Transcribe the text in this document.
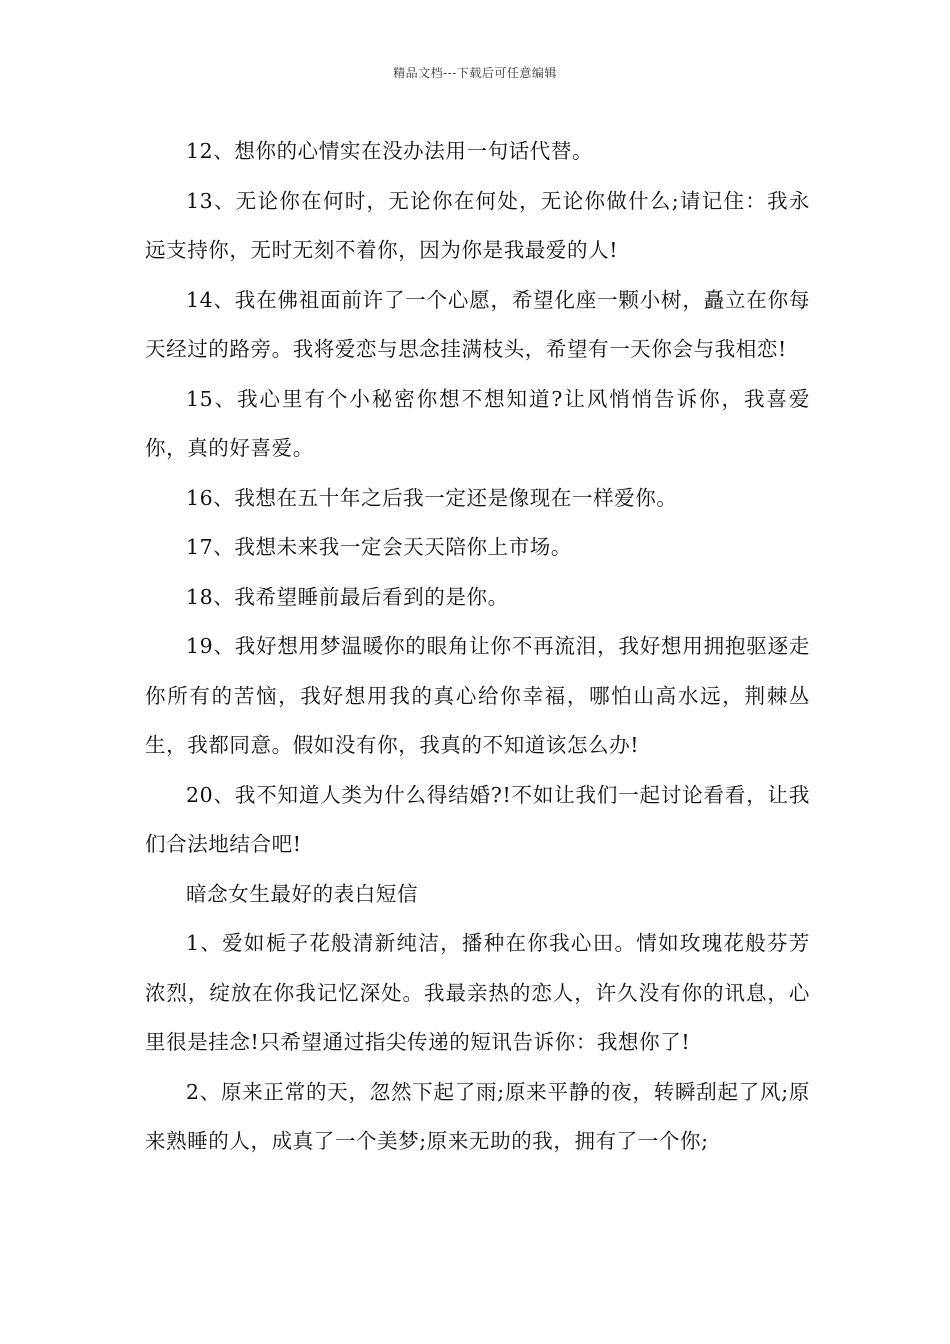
精品文档---下载后可任意编辑

12、想你的心情实在没办法用一句话代替。

13、无论你在何时，无论你在何处，无论你做什么;请记住：我永远支持你，无时无刻不着你，因为你是我最爱的人!

14、我在佛祖面前许了一个心愿，希望化座一颗小树，矗立在你每天经过的路旁。我将爱恋与思念挂满枝头，希望有一天你会与我相恋!

15、我心里有个小秘密你想不想知道?让风悄悄告诉你，我喜爱你，真的好喜爱。

16、我想在五十年之后我一定还是像现在一样爱你。

17、我想未来我一定会天天陪你上市场。

18、我希望睡前最后看到的是你。

19、我好想用梦温暖你的眼角让你不再流泪，我好想用拥抱驱逐走你所有的苦恼，我好想用我的真心给你幸福，哪怕山高水远，荆棘丛生，我都同意。假如没有你，我真的不知道该怎么办!

20、我不知道人类为什么得结婚?!不如让我们一起讨论看看，让我们合法地结合吧!

暗念女生最好的表白短信

1、爱如栀子花般清新纯洁，播种在你我心田。情如玫瑰花般芬芳浓烈，绽放在你我记忆深处。我最亲热的恋人，许久没有你的讯息，心里很是挂念!只希望通过指尖传递的短讯告诉你：我想你了!

2、原来正常的天，忽然下起了雨;原来平静的夜，转瞬刮起了风;原来熟睡的人，成真了一个美梦;原来无助的我，拥有了一个你;
